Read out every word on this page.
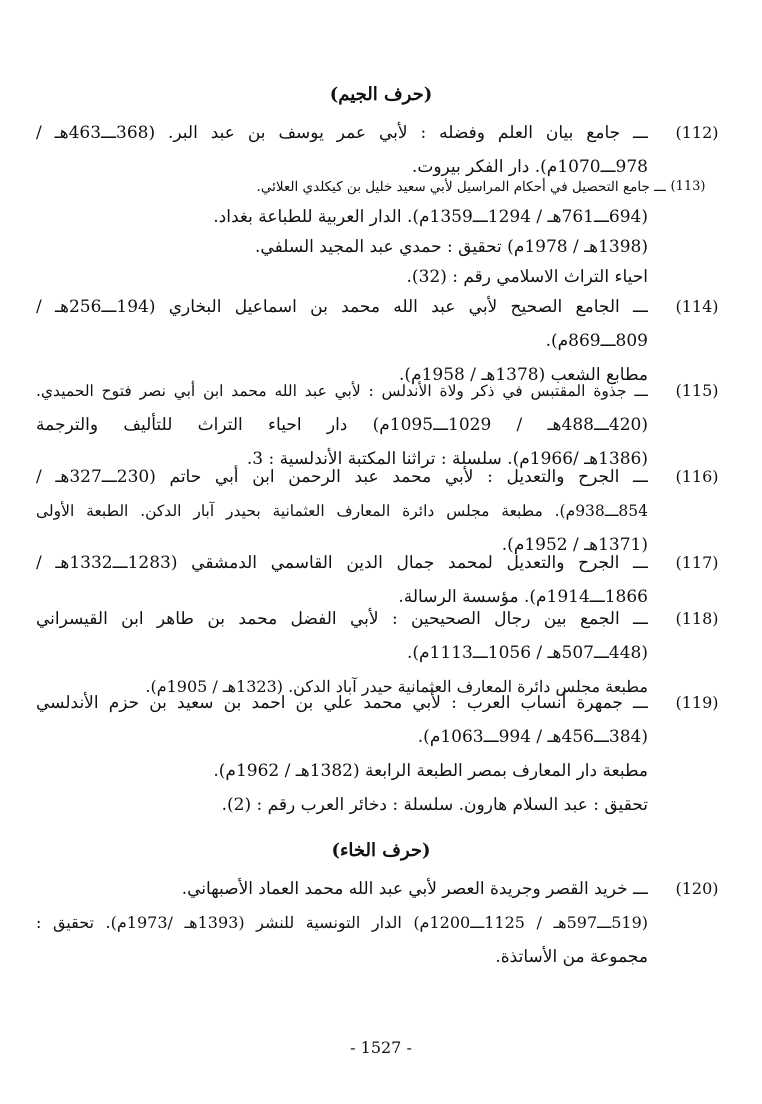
(حرف الجيم)
(112)
ـــ جامع بيان العلم وفضله : لأبي عمر يوسف بن عبد البر. (368ـــ463هـ /
978ـــ1070م). دار الفكر بيروت.
(113)
ـــ جامع التحصيل في أحكام المراسيل لأبي سعيد خليل بن كيكلدي العلائي.
(694ـــ761هـ / 1294ـــ1359م). الدار العربية للطباعة بغداد.
(1398هـ / 1978م) تحقيق : حمدي عبد المجيد السلفي.
احياء التراث الاسلامي رقم : (32).
(114)
ـــ الجامع الصحيح لأبي عبد الله محمد بن اسماعيل البخاري (194ـــ256هـ /
809ـــ869م).
مطابع الشعب (1378هـ / 1958م).
(115)
ـــ جذوة المقتبس في ذكر ولاة الأندلس : لأبي عبد الله محمد ابن أبي نصر فتوح الحميدي.
(420ـــ488هـ / 1029ـــ1095م) دار احياء التراث للتأليف والترجمة
(1386هـ /1966م). سلسلة : تراثنا المكتبة الأندلسية : 3.
(116)
ـــ الجرح والتعديل : لأبي محمد عبد الرحمن ابن أبي حاتم (230ـــ327هـ /
854ـــ938م). مطبعة مجلس دائرة المعارف العثمانية بحيدر آبار الدكن. الطبعة الأولى
(1371هـ / 1952م).
(117)
ـــ الجرح والتعديل لمحمد جمال الدين القاسمي الدمشقي (1283ـــ1332هـ /
1866ـــ1914م). مؤسسة الرسالة.
(118)
ـــ الجمع بين رجال الصحيحين : لأبي الفضل محمد بن طاهر ابن القيسراني
(448ـــ507هـ / 1056ـــ1113م).
مطبعة مجلس دائرة المعارف العثمانية حيدر آباد الدكن. (1323هـ / 1905م).
(119)
ـــ جمهرة أنساب العرب : لأبي محمد علي بن احمد بن سعيد بن حزم الأندلسي
(384ـــ456هـ / 994ـــ1063م).
مطبعة دار المعارف بمصر الطبعة الرابعة (1382هـ / 1962م).
تحقيق : عبد السلام هارون. سلسلة : دخائر العرب رقم : (2).
(حرف الخاء)
(120)
ـــ خريد القصر وجريدة العصر لأبي عبد الله محمد العماد الأصبهاني.
(519ـــ597هـ / 1125ـــ1200م) الدار التونسية للنشر (1393هـ /1973م). تحقيق :
مجموعة من الأساتذة.
- 1527 -
